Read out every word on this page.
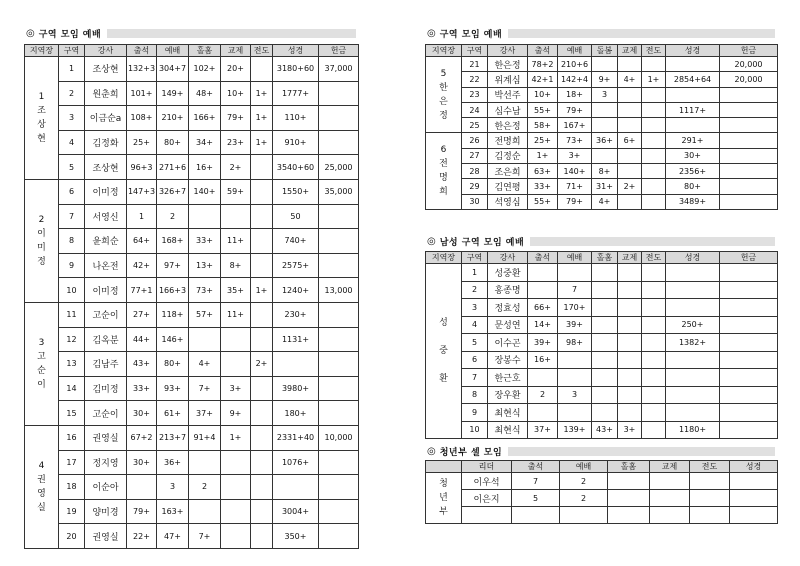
◎ 구역 모임 예배
지역장	구역	강사	출석	예배	홀홈	교제	전도	성경	헌금
1
조
상
현	1	조상현	132+3	304+7	102+	20+		3180+60	37,000
	2	원춘희	101+	149+	48+	10+	1+	1777+	
	3	이금순a	108+	210+	166+	79+	1+	110+	
	4	김정화	25+	80+	34+	23+	1+	910+	
	5	조상현	96+3	271+6	16+	2+		3540+60	25,000
2
이
미
정	6	이미정	147+3	326+7	140+	59+		1550+	35,000
	7	서영신	1	2				50	
	8	윤희순	64+	168+	33+	11+		740+	
	9	나온전	42+	97+	13+	8+		2575+	
	10	이미정	77+1	166+3	73+	35+	1+	1240+	13,000
3
고
순
이	11	고순이	27+	118+	57+	11+		230+	
	12	김옥분	44+	146+				1131+	
	13	김남주	43+	80+	4+		2+		
	14	김미정	33+	93+	7+	3+		3980+	
	15	고순이	30+	61+	37+	9+		180+	
4
권
영
실	16	권영실	67+2	213+7	91+4	1+		2331+40	10,000
	17	정지영	30+	36+				1076+	
	18	이순아		3	2				
	19	양미경	79+	163+				3004+	
	20	권영실	22+	47+	7+			350+	
◎ 구역 모임 예배
지역장	구역	강사	출석	예배	돌봄	교제	전도	성경	헌금
5
한
은
정	21	한은정	78+2	210+6					20,000
	22	위계심	42+1	142+4	9+	4+	1+	2854+64	20,000
	23	박선주	10+	18+	3				
	24	심수남	55+	79+				1117+	
	25	한은정	58+	167+					
6
전
명
희	26	전명희	25+	73+	36+	6+		291+	
	27	김정순	1+	3+				30+	
	28	조은희	63+	140+	8+			2356+	
	29	김연평	33+	71+	31+	2+		80+	
	30	석영심	55+	79+	4+			3489+	
◎ 남성 구역 모임 예배
지역장	구역	강사	출석	예배	홀홈	교제	전도	성경	헌금
성

중

환	1	성중환							
	2	홍종명		7					
	3	정효성	66+	170+					
	4	문성연	14+	39+				250+	
	5	이수곤	39+	98+				1382+	
	6	장봉수	16+						
	7	한근호							
	8	장우환	2	3					
	9	최현식							
	10	최현식	37+	139+	43+	3+		1180+	
◎ 청년부 셀 모임
	리더	출석	예배	홀홈	교제	전도	성경
청
년
부	이우석	7	2				
	이은지	5	2				
